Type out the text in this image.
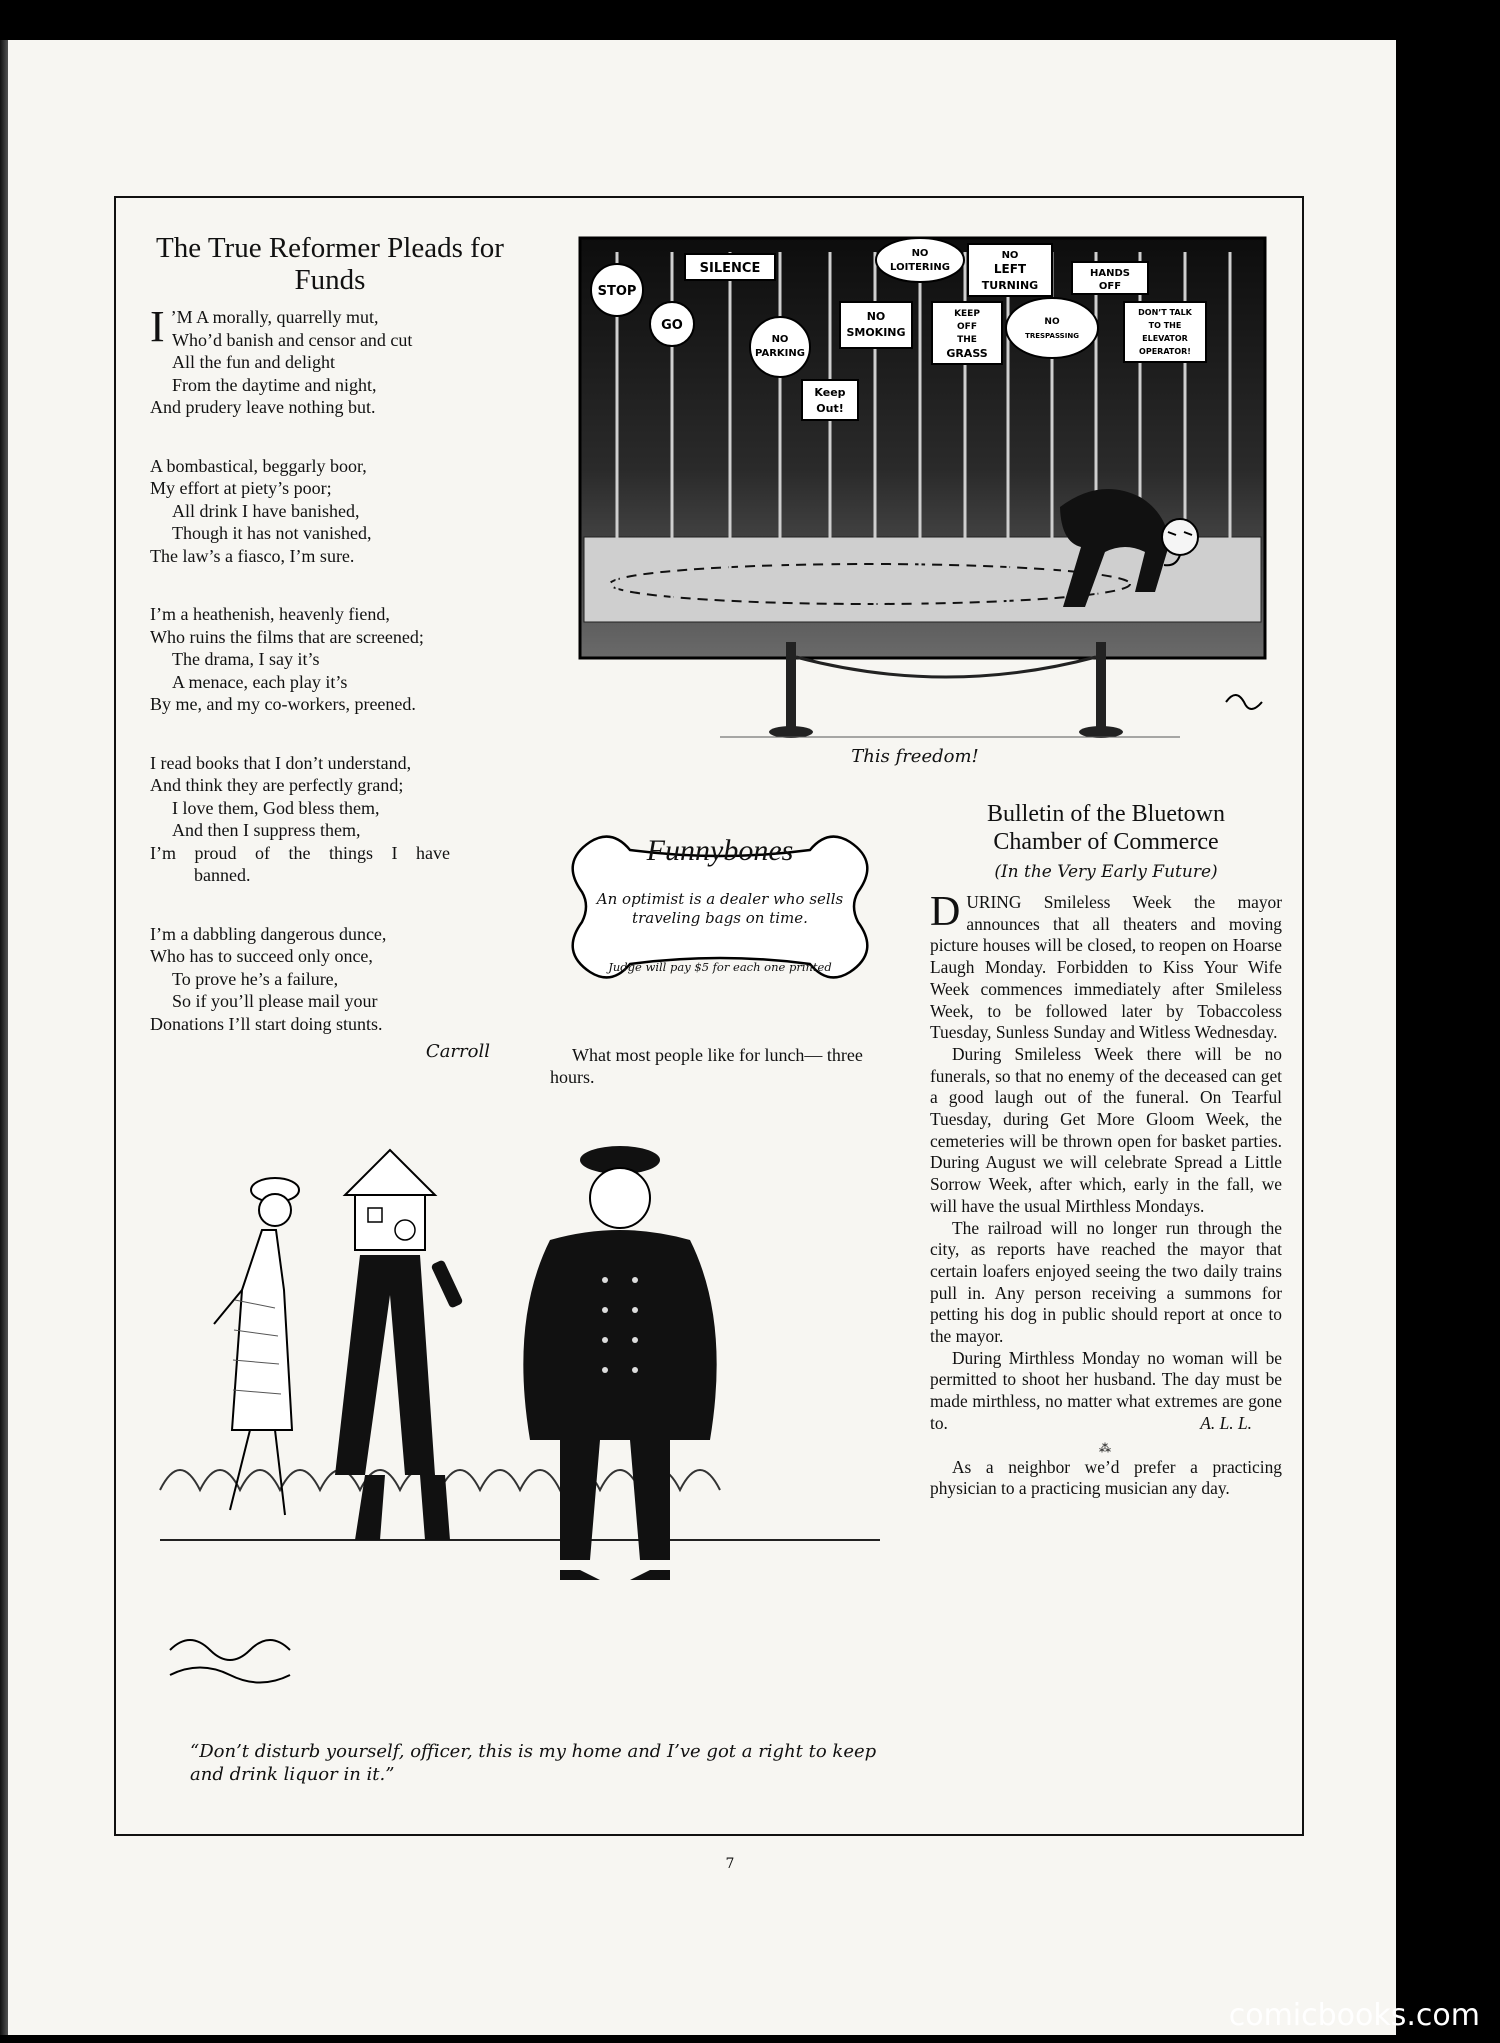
The True Reformer Pleads for Funds
I ’M A morally, quarrelly mut,
Who’d banish and censor and cut
All the fun and delight
From the daytime and night,
And prudery leave nothing but.
A bombastical, beggarly boor,
My effort at piety’s poor;
All drink I have banished,
Though it has not vanished,
The law’s a fiasco, I’m sure.
I’m a heathenish, heavenly fiend,
Who ruins the films that are screened;
The drama, I say it’s
A menace, each play it’s
By me, and my co-workers, preened.
I read books that I don’t understand,
And think they are perfectly grand;
I love them, God bless them,
And then I suppress them,
I’m proud of the things I have
banned.
I’m a dabbling dangerous dunce,
Who has to succeed only once,
To prove he’s a failure,
So if you’ll please mail your
Donations I’ll start doing stunts.
Carroll
STOP
GO
SILENCE
NO
PARKING
Keep
Out!
NO
SMOKING
NO
LOITERING
KEEP
OFF
THE
GRASS
NO
LEFT
TURNING
NO
TRESPASSING
HANDS
OFF
DON’T TALK
TO THE
ELEVATOR
OPERATOR!
This freedom!
Funnybones
An optimist is a dealer who sells
traveling bags on time.
Judge will pay $5 for each one printed
What most people like for lunch— three hours.
Bulletin of the Bluetown
Chamber of Commerce
(In the Very Early Future)

DURING Smileless Week the mayor announces that all theaters and moving picture houses will be closed, to reopen on Hoarse Laugh Monday. Forbidden to Kiss Your Wife Week commences immediately after Smileless Week, to be followed later by Tobaccoless Tuesday, Sunless Sunday and Witless Wednesday.

During Smileless Week there will be no funerals, so that no enemy of the deceased can get a good laugh out of the funeral. On Tearful Tuesday, during Get More Gloom Week, the cemeteries will be thrown open for basket parties. During August we will celebrate Spread a Little Sorrow Week, after which, early in the fall, we will have the usual Mirthless Mondays.

The railroad will no longer run through the city, as reports have reached the mayor that certain loafers enjoyed seeing the two daily trains pull in. Any person receiving a summons for petting his dog in public should report at once to the mayor.

During Mirthless Monday no woman will be permitted to shoot her husband. The day must be made mirthless, no matter what extremes are gone to.	A. L. L.

⁂

As a neighbor we’d prefer a practicing physician to a practicing musician any day.

“Don’t disturb yourself, officer, this is my home and I’ve got a right to keep and drink liquor in it.”
7
comicbooks.com
